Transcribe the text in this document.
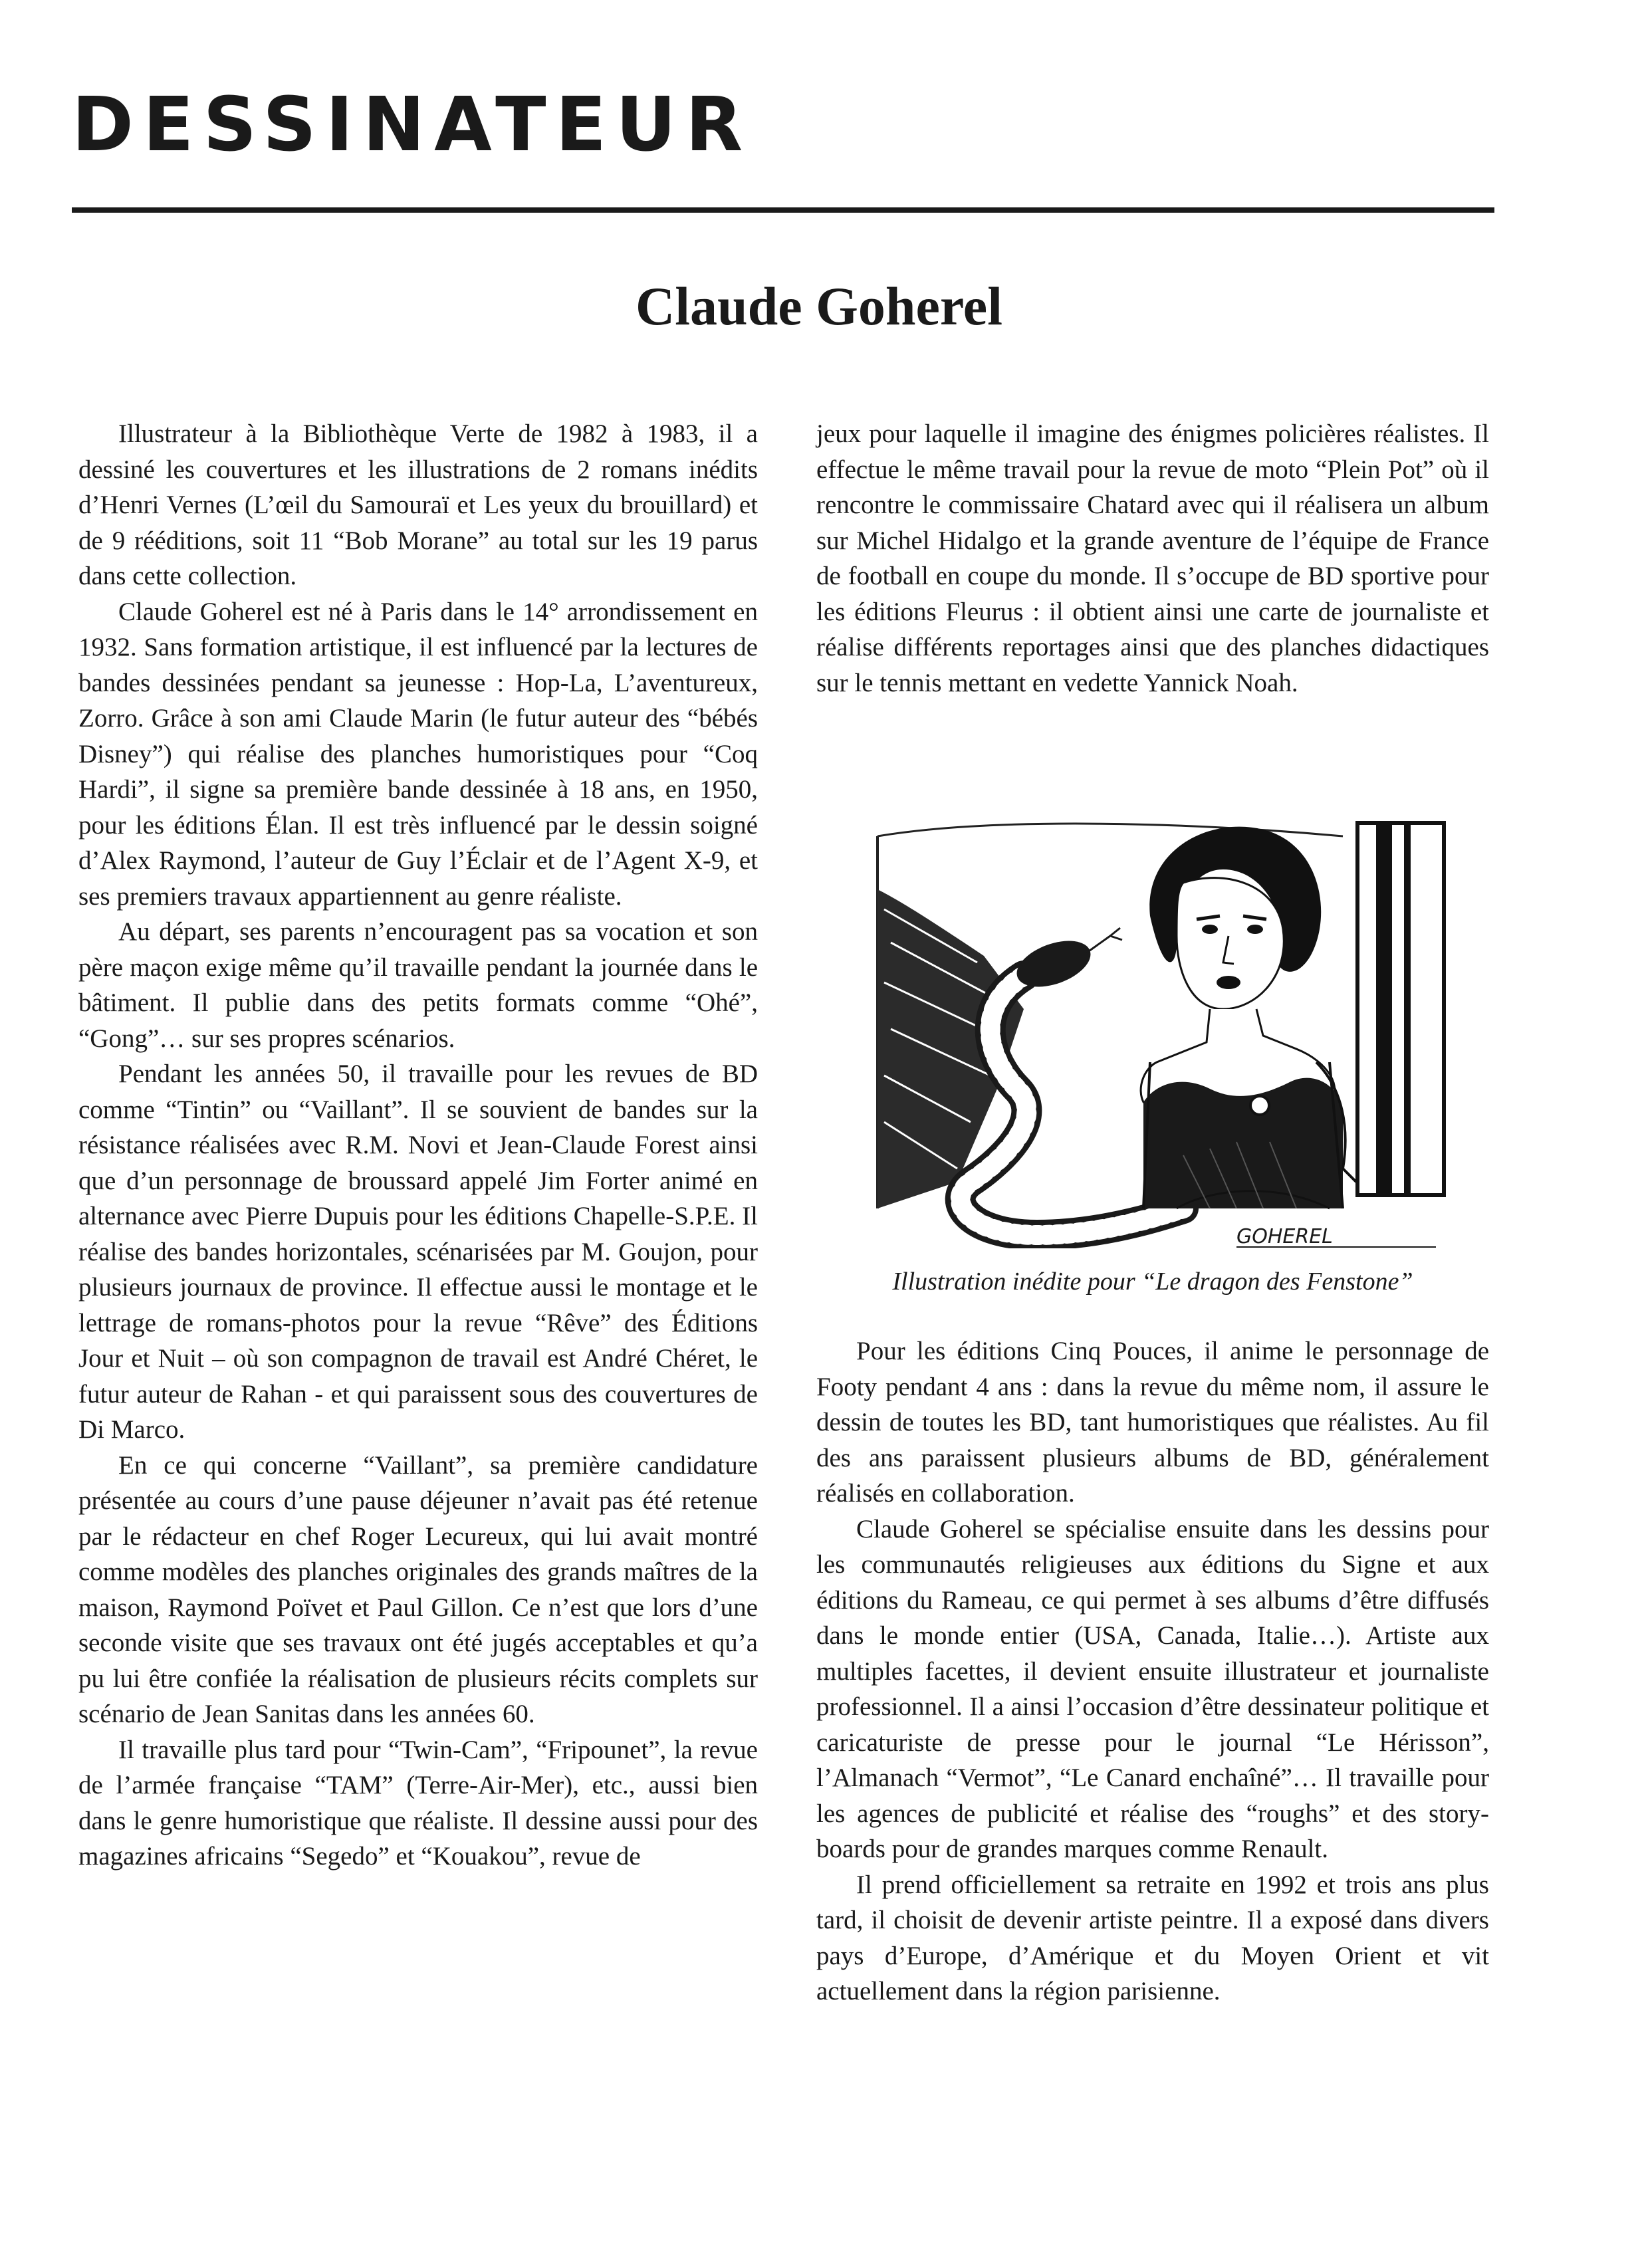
DESSINATEUR
Claude Goherel

Illustrateur à la Bibliothèque Verte de 1982 à 1983, il a dessiné les couvertures et les illustrations de 2 romans inédits d’Henri Vernes (L’œil du Samouraï et Les yeux du brouillard) et de 9 rééditions, soit 11 “Bob Morane” au total sur les 19 parus dans cette collection.

Claude Goherel est né à Paris dans le 14° arrondissement en 1932. Sans formation artistique, il est influencé par la lectures de bandes dessinées pendant sa jeunesse : Hop-La, L’aventureux, Zorro. Grâce à son ami Claude Marin (le futur auteur des “bébés Disney”) qui réalise des planches humoristiques pour “Coq Hardi”, il signe sa première bande dessinée à 18 ans, en 1950, pour les éditions Élan. Il est très influencé par le dessin soigné d’Alex Raymond, l’auteur de Guy l’Éclair et de l’Agent X-9, et ses premiers travaux appartiennent au genre réaliste.

Au départ, ses parents n’encouragent pas sa vocation et son père maçon exige même qu’il travaille pendant la journée dans le bâtiment. Il publie dans des petits formats comme “Ohé”, “Gong”… sur ses propres scénarios.

Pendant les années 50, il travaille pour les revues de BD comme “Tintin” ou “Vaillant”. Il se souvient de bandes sur la résistance réalisées avec R.M. Novi et Jean-Claude Forest ainsi que d’un personnage de broussard appelé Jim Forter animé en alternance avec Pierre Dupuis pour les éditions Chapelle-S.P.E. Il réalise des bandes horizontales, scénarisées par M. Goujon, pour plusieurs journaux de province. Il effectue aussi le montage et le lettrage de romans-photos pour la revue “Rêve” des Éditions Jour et Nuit – où son compagnon de travail est André Chéret, le futur auteur de Rahan - et qui paraissent sous des couvertures de Di Marco.

En ce qui concerne “Vaillant”, sa première candidature présentée au cours d’une pause déjeuner n’avait pas été retenue par le rédacteur en chef Roger Lecureux, qui lui avait montré comme modèles des planches originales des grands maîtres de la maison, Raymond Poïvet et Paul Gillon. Ce n’est que lors d’une seconde visite que ses travaux ont été jugés acceptables et qu’a pu lui être confiée la réalisation de plusieurs récits complets sur scénario de Jean Sanitas dans les années 60.

Il travaille plus tard pour “Twin-Cam”, “Fripounet”, la revue de l’armée française “TAM” (Terre-Air-Mer), etc., aussi bien dans le genre humoristique que réaliste. Il dessine aussi pour des magazines africains “Segedo” et “Kouakou”, revue de

jeux pour laquelle il imagine des énigmes policières réalistes. Il effectue le même travail pour la revue de moto “Plein Pot” où il rencontre le commissaire Chatard avec qui il réalisera un album sur Michel Hidalgo et la grande aventure de l’équipe de France de football en coupe du monde. Il s’occupe de BD sportive pour les éditions Fleurus : il obtient ainsi une carte de journaliste et réalise différents reportages ainsi que des planches didactiques sur le tennis mettant en vedette Yannick Noah.

GOHEREL
Illustration inédite pour “Le dragon des Fenstone”

Pour les éditions Cinq Pouces, il anime le personnage de Footy pendant 4 ans : dans la revue du même nom, il assure le dessin de toutes les BD, tant humoristiques que réalistes. Au fil des ans paraissent plusieurs albums de BD, généralement réalisés en collaboration.

Claude Goherel se spécialise ensuite dans les dessins pour les communautés religieuses aux éditions du Signe et aux éditions du Rameau, ce qui permet à ses albums d’être diffusés dans le monde entier (USA, Canada, Italie…). Artiste aux multiples facettes, il devient ensuite illustrateur et journaliste professionnel. Il a ainsi l’occasion d’être dessinateur politique et caricaturiste de presse pour le journal “Le Hérisson”, l’Almanach “Vermot”, “Le Canard enchaîné”… Il travaille pour les agences de publicité et réalise des “roughs” et des story-boards pour de grandes marques comme Renault.

Il prend officiellement sa retraite en 1992 et trois ans plus tard, il choisit de devenir artiste peintre. Il a exposé dans divers pays d’Europe, d’Amérique et du Moyen Orient et vit actuellement dans la région parisienne.
